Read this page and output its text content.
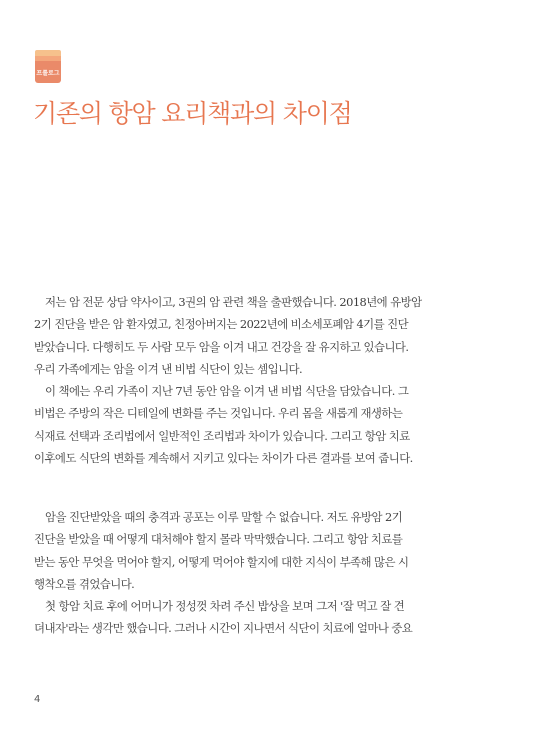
프롤로그
기존의 항암 요리책과의 차이점
저는 암 전문 상담 약사이고, 3권의 암 관련 책을 출판했습니다. 2018년에 유방암
2기 진단을 받은 암 환자였고, 친정아버지는 2022년에 비소세포폐암 4기를 진단
받았습니다. 다행히도 두 사람 모두 암을 이겨 내고 건강을 잘 유지하고 있습니다.
우리 가족에게는 암을 이겨 낸 비법 식단이 있는 셈입니다.
이 책에는 우리 가족이 지난 7년 동안 암을 이겨 낸 비법 식단을 담았습니다. 그
비법은 주방의 작은 디테일에 변화를 주는 것입니다. 우리 몸을 새롭게 재생하는
식재료 선택과 조리법에서 일반적인 조리법과 차이가 있습니다. 그리고 항암 치료
이후에도 식단의 변화를 계속해서 지키고 있다는 차이가 다른 결과를 보여 줍니다.
암을 진단받았을 때의 충격과 공포는 이루 말할 수 없습니다. 저도 유방암 2기
진단을 받았을 때 어떻게 대처해야 할지 몰라 막막했습니다. 그리고 항암 치료를
받는 동안 무엇을 먹어야 할지, 어떻게 먹어야 할지에 대한 지식이 부족해 많은 시
행착오를 겪었습니다.
첫 항암 치료 후에 어머니가 정성껏 차려 주신 밥상을 보며 그저 '잘 먹고 잘 견
뎌내자'라는 생각만 했습니다. 그러나 시간이 지나면서 식단이 치료에 얼마나 중요
4
